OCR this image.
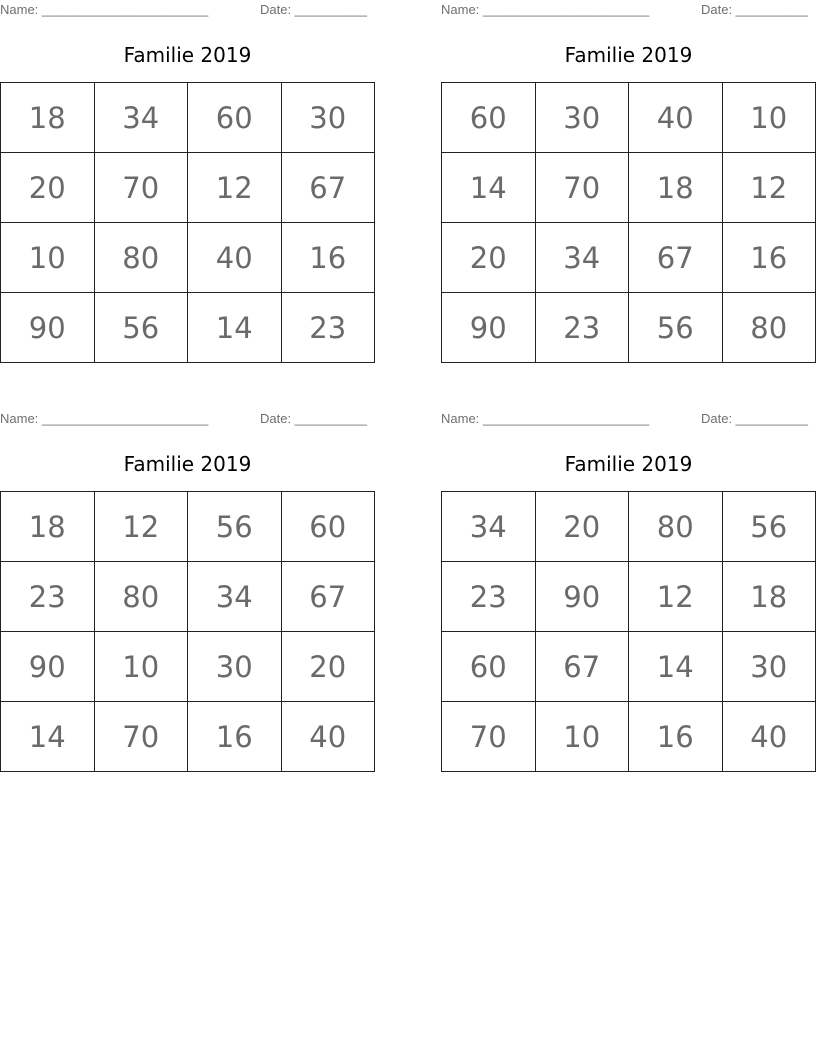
Name: _______________________	Date: __________
Familie 2019
18	34	60	30
20	70	12	67
10	80	40	16
90	56	14	23
Name: _______________________	Date: __________
Familie 2019
60	30	40	10
14	70	18	12
20	34	67	16
90	23	56	80
Name: _______________________	Date: __________
Familie 2019
18	12	56	60
23	80	34	67
90	10	30	20
14	70	16	40
Name: _______________________	Date: __________
Familie 2019
34	20	80	56
23	90	12	18
60	67	14	30
70	10	16	40
